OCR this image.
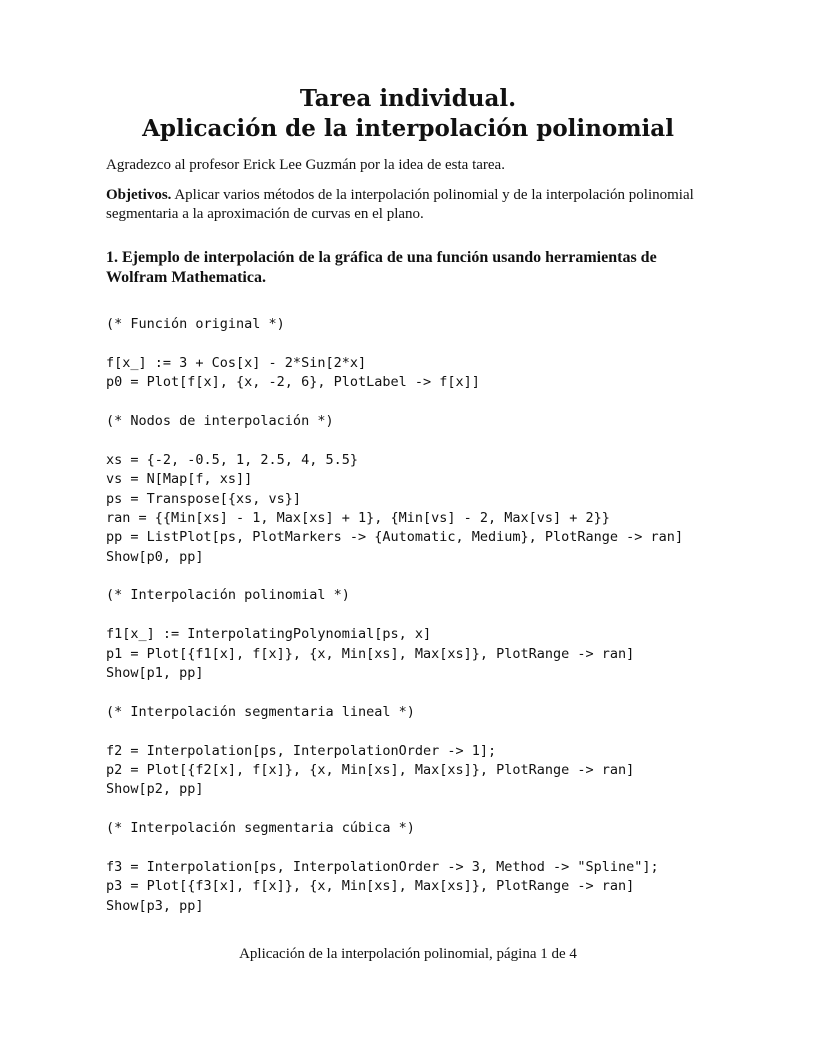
Tarea individual.
Aplicación de la interpolación polinomial
Agradezco al profesor Erick Lee Guzmán por la idea de esta tarea.
Objetivos. Aplicar varios métodos de la interpolación polinomial y de la interpolación polinomial segmentaria a la aproximación de curvas en el plano.
1. Ejemplo de interpolación de la gráfica de una función usando herramientas de Wolfram Mathematica.
(* Función original *)
f[x_] := 3 + Cos[x] - 2*Sin[2*x]
p0 = Plot[f[x], {x, -2, 6}, PlotLabel -> f[x]]
(* Nodos de interpolación *)
xs = {-2, -0.5, 1, 2.5, 4, 5.5}
vs = N[Map[f, xs]]
ps = Transpose[{xs, vs}]
ran = {{Min[xs] - 1, Max[xs] + 1}, {Min[vs] - 2, Max[vs] + 2}}
pp = ListPlot[ps, PlotMarkers -> {Automatic, Medium}, PlotRange -> ran]
Show[p0, pp]
(* Interpolación polinomial *)
f1[x_] := InterpolatingPolynomial[ps, x]
p1 = Plot[{f1[x], f[x]}, {x, Min[xs], Max[xs]}, PlotRange -> ran]
Show[p1, pp]
(* Interpolación segmentaria lineal *)
f2 = Interpolation[ps, InterpolationOrder -> 1];
p2 = Plot[{f2[x], f[x]}, {x, Min[xs], Max[xs]}, PlotRange -> ran]
Show[p2, pp]
(* Interpolación segmentaria cúbica *)
f3 = Interpolation[ps, InterpolationOrder -> 3, Method -> "Spline"];
p3 = Plot[{f3[x], f[x]}, {x, Min[xs], Max[xs]}, PlotRange -> ran]
Show[p3, pp]
Aplicación de la interpolación polinomial, página 1 de 4
